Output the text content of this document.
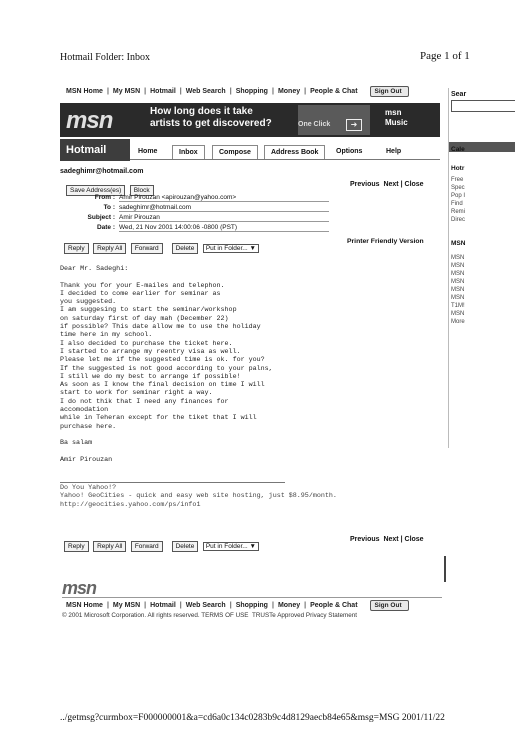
Hotmail Folder: Inbox	Page 1 of 1
MSN Home | My MSN | Hotmail | Web Search | Shopping | Money | People & Chat	Sign Out
msn	How long does it take
artists to get discovered?	One Click	➜
msn
Music
Hotmail	Home	Inbox	Compose	Address Book	Options	Help
sadeghimr@hotmail.com
Save Address(es) Block
Previous Next | Close
From : Amir Pirouzan <apirouzan@yahoo.com>
To : sadeghimr@hotmail.com
Subject : Amir Pirouzan
Date : Wed, 21 Nov 2001 14:00:06 -0800 (PST)
Reply Reply All Forward	Delete Put in Folder... ▼
Printer Friendly Version
Dear Mr. Sadeghi:

Thank you for your E-mailes and telephon.
I decided to come earlier for seminar as
you suggested.
I am suggesing to start the seminar/workshop
on saturday first of day mah (December 22)
if possible? This date allow me to use the holiday
time here in my school.
I also decided to purchase the ticket here.
I started to arrange my reentry visa as well.
Please let me if the suggested time is ok. for you?
If the suggested is not good according to your palns,
I still we do my best to arrange if possible!
As soon as I know the final decision on time I will
start to work for seminar right a way.
I do not thik that I need any finances for
accomodation
while in Teheran except for the tiket that I will
purchase here.

Ba salam

Amir Pirouzan
Do You Yahoo!?
Yahoo! GeoCities - quick and easy web site hosting, just $8.95/month.
http://geocities.yahoo.com/ps/info1
Reply Reply All Forward	Delete Put in Folder... ▼
Previous Next | Close
msn
MSN Home | My MSN | Hotmail | Web Search | Shopping | Money | People & Chat	Sign Out
© 2001 Microsoft Corporation. All rights reserved. TERMS OF USE TRUSTe Approved Privacy Statement
Sear
Cale
Hotr
Free
Spec
Pop I
Find
Remi
Direc
MSN
MSN
MSN
MSN
MSN
MSN
MSN
T1M!
MSN
More
../getmsg?curmbox=F000000001&a=cd6a0c134c0283b9c4d8129aecb84e65&msg=MSG 2001/11/22
